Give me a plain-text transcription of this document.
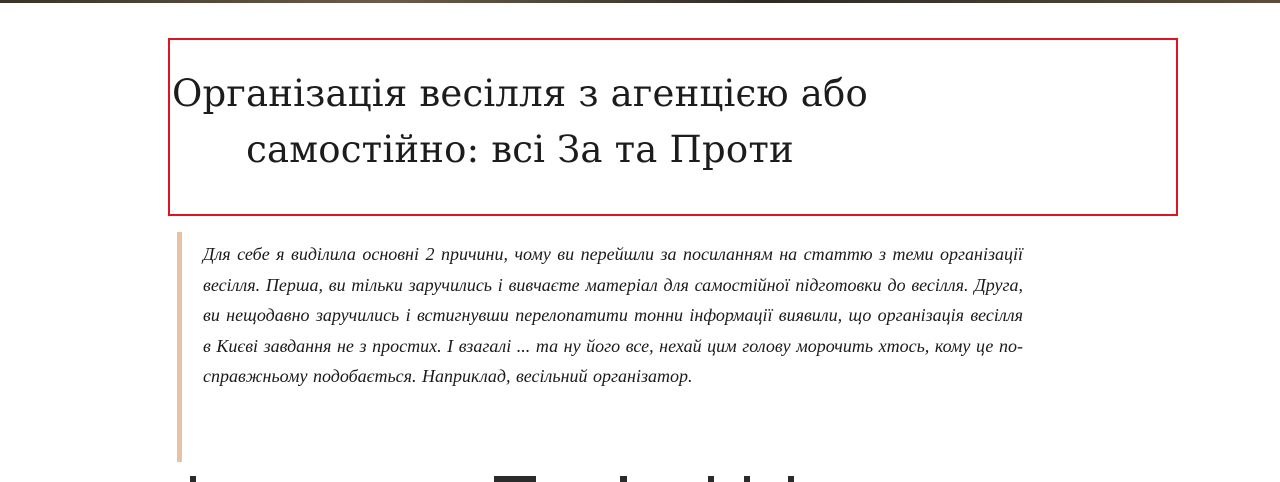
Організація весілля з агенцією або самостійно: всі За та Проти

Для себе я виділила основні 2 причини, чому ви перейшли за посиланням на статтю з теми організації весілля. Перша, ви тільки заручились і вивчаєте матеріал для самостійної підготовки до весілля. Друга, ви нещодавно заручились і встигнувши перелопатити тонни інформації виявили, що організація весілля в Києві завдання не з простих. І взагалі ... та ну його все, нехай цим голову морочить хтось, кому це по-справжньому подобається. Наприклад, весільний організатор.
